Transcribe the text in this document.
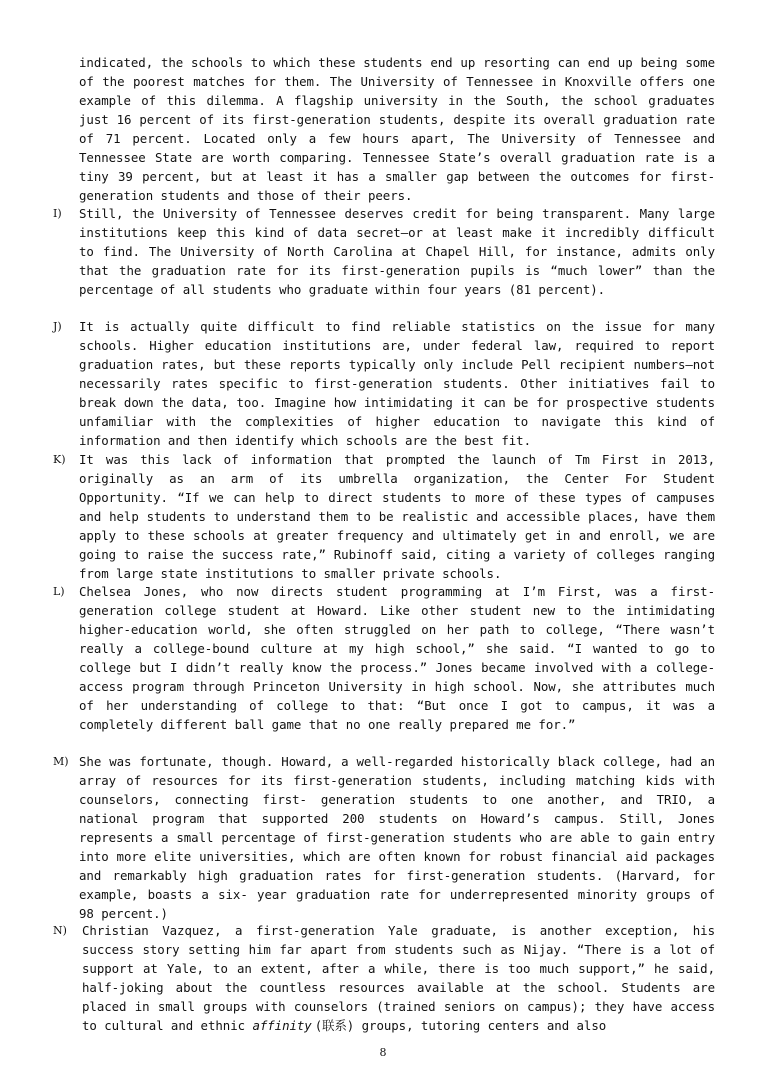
indicated, the schools to which these students end up resorting can end up being some of the poorest matches for them. The University of Tennessee in Knoxville offers one example of this dilemma. A flagship university in the South, the school graduates just 16 percent of its first-generation students, despite its overall graduation rate of 71 percent. Located only a few hours apart, The University of Tennessee and Tennessee State are worth comparing. Tennessee State’s overall graduation rate is a tiny 39 percent, but at least it has a smaller gap between the outcomes for first-generation students and those of their peers.

I) Still, the University of Tennessee deserves credit for being transparent. Many large institutions keep this kind of data secret—or at least make it incredibly difficult to find. The University of North Carolina at Chapel Hill, for instance, admits only that the graduation rate for its first-generation pupils is “much lower” than the percentage of all students who graduate within four years (81 percent).

J) It is actually quite difficult to find reliable statistics on the issue for many schools. Higher education institutions are, under federal law, required to report graduation rates, but these reports typically only include Pell recipient numbers—not necessarily rates specific to first-generation students. Other initiatives fail to break down the data, too. Imagine how intimidating it can be for prospective students unfamiliar with the complexities of higher education to navigate this kind of information and then identify which schools are the best fit.

K) It was this lack of information that prompted the launch of Tm First in 2013, originally as an arm of its umbrella organization, the Center For Student Opportunity. “If we can help to direct students to more of these types of campuses and help students to understand them to be realistic and accessible places, have them apply to these schools at greater frequency and ultimately get in and enroll, we are going to raise the success rate,” Rubinoff said, citing a variety of colleges ranging from large state institutions to smaller private schools.

L) Chelsea Jones, who now directs student programming at I’m First, was a first-generation college student at Howard. Like other student new to the intimidating higher-education world, she often struggled on her path to college, “There wasn’t really a college-bound culture at my high school,” she said. “I wanted to go to college but I didn’t really know the process.” Jones became involved with a college-access program through Princeton University in high school. Now, she attributes much of her understanding of college to that: “But once I got to campus, it was a completely different ball game that no one really prepared me for.”

M) She was fortunate, though. Howard, a well-regarded historically black college, had an array of resources for its first-generation students, including matching kids with counselors, connecting first- generation students to one another, and TRIO, a national program that supported 200 students on Howard’s campus. Still, Jones represents a small percentage of first-generation students who are able to gain entry into more elite universities, which are often known for robust financial aid packages and remarkably high graduation rates for first-generation students. (Harvard, for example, boasts a six- year graduation rate for underrepresented minority groups of 98 percent.)

N) Christian Vazquez, a first-generation Yale graduate, is another exception, his success story setting him far apart from students such as Nijay. “There is a lot of support at Yale, to an extent, after a while, there is too much support,” he said, half-joking about the countless resources available at the school. Students are placed in small groups with counselors (trained seniors on campus); they have access to cultural and ethnic affinity (联系) groups, tutoring centers and also

8
